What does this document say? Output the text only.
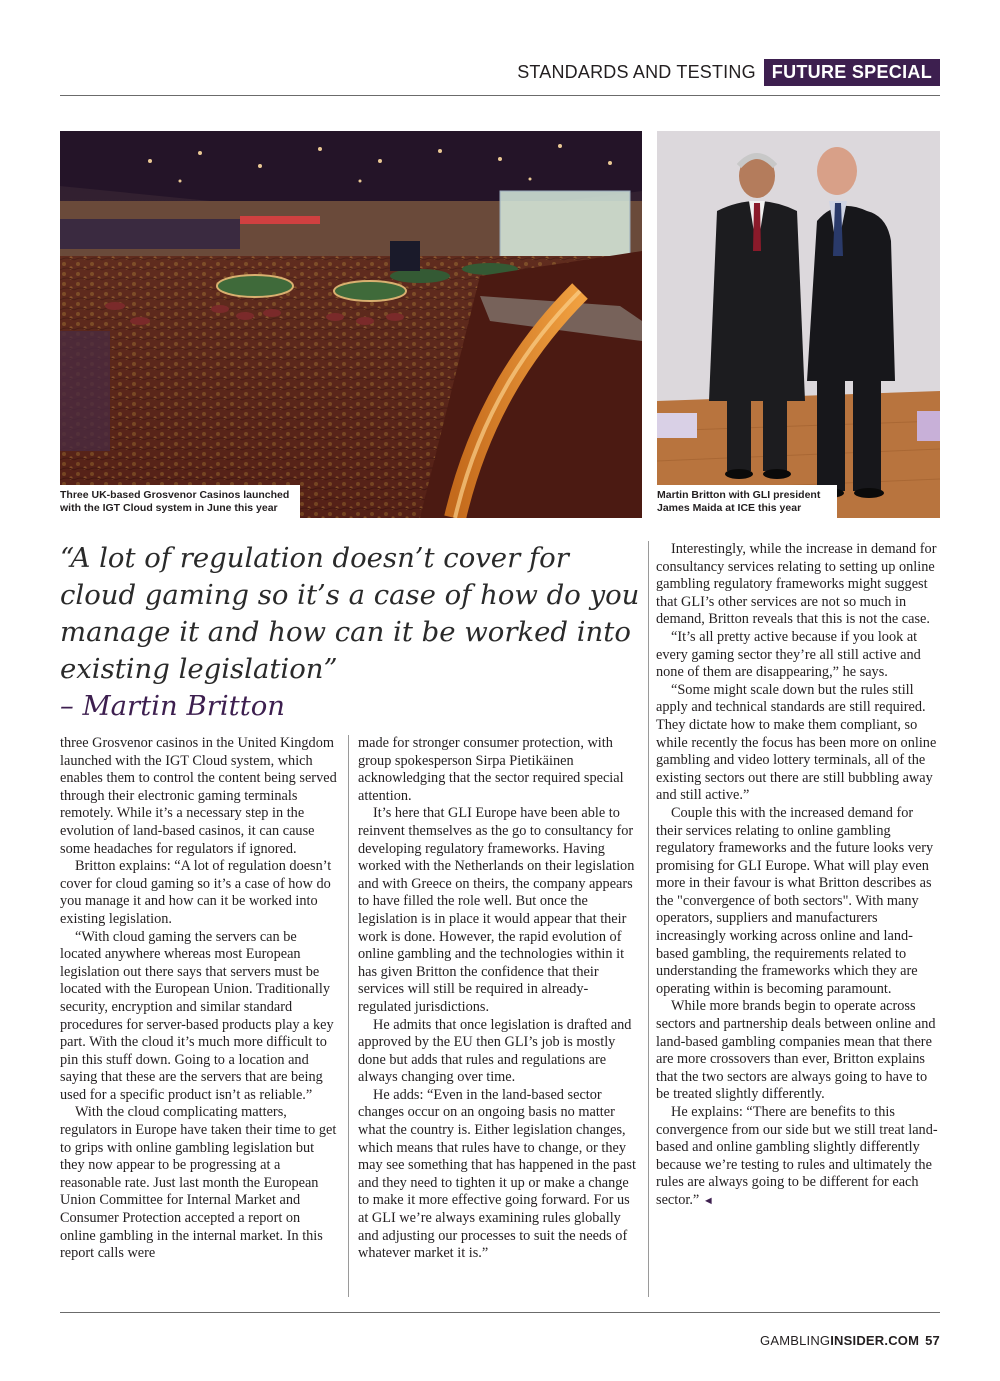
STANDARDS AND TESTING FUTURE SPECIAL
Three UK-based Grosvenor Casinos launched with the IGT Cloud system in June this year
Martin Britton with GLI president James Maida at ICE this year

“A lot of regulation doesn’t cover for cloud gaming so it’s a case of how do you manage it and how can it be worked into existing legislation”
– Martin Britton

three Grosvenor casinos in the United Kingdom launched with the IGT Cloud system, which enables them to control the content being served through their electronic gaming terminals remotely. While it’s a necessary step in the evolution of land-based casinos, it can cause some headaches for regulators if ignored.

Britton explains: “A lot of regulation doesn’t cover for cloud gaming so it’s a case of how do you manage it and how can it be worked into existing legislation.

“With cloud gaming the servers can be located anywhere whereas most European legislation out there says that servers must be located with the European Union. Traditionally security, encryption and similar standard procedures for server-based products play a key part. With the cloud it’s much more difficult to pin this stuff down. Going to a location and saying that these are the servers that are being used for a specific product isn’t as reliable.”

With the cloud complicating matters, regulators in Europe have taken their time to get to grips with online gambling legislation but they now appear to be progressing at a reasonable rate. Just last month the European Union Committee for Internal Market and Consumer Protection accepted a report on online gambling in the internal market. In this report calls were

made for stronger consumer protection, with group spokesperson Sirpa Pietikäinen acknowledging that the sector required special attention.

It’s here that GLI Europe have been able to reinvent themselves as the go to consultancy for developing regulatory frameworks. Having worked with the Netherlands on their legislation and with Greece on theirs, the company appears to have filled the role well. But once the legislation is in place it would appear that their work is done. However, the rapid evolution of online gambling and the technologies within it has given Britton the confidence that their services will still be required in already-regulated jurisdictions.

He admits that once legislation is drafted and approved by the EU then GLI’s job is mostly done but adds that rules and regulations are always changing over time.

He adds: “Even in the land-based sector changes occur on an ongoing basis no matter what the country is. Either legislation changes, which means that rules have to change, or they may see something that has happened in the past and they need to tighten it up or make a change to make it more effective going forward. For us at GLI we’re always examining rules globally and adjusting our processes to suit the needs of whatever market it is.”

Interestingly, while the increase in demand for consultancy services relating to setting up online gambling regulatory frameworks might suggest that GLI’s other services are not so much in demand, Britton reveals that this is not the case.

“It’s all pretty active because if you look at every gaming sector they’re all still active and none of them are disappearing,” he says.

“Some might scale down but the rules still apply and technical standards are still required. They dictate how to make them compliant, so while recently the focus has been more on online gambling and video lottery terminals, all of the existing sectors out there are still bubbling away and still active.”

Couple this with the increased demand for their services relating to online gambling regulatory frameworks and the future looks very promising for GLI Europe. What will play even more in their favour is what Britton describes as the "convergence of both sectors". With many operators, suppliers and manufacturers increasingly working across online and land-based gambling, the requirements related to understanding the frameworks which they are operating within is becoming paramount.

While more brands begin to operate across sectors and partnership deals between online and land-based gambling companies mean that there are more crossovers than ever, Britton explains that the two sectors are always going to have to be treated slightly differently.

He explains: “There are benefits to this convergence from our side but we still treat land-based and online gambling slightly differently because we’re testing to rules and ultimately the rules are always going to be different for each sector.” ◄

GAMBLINGINSIDER.COM 57
